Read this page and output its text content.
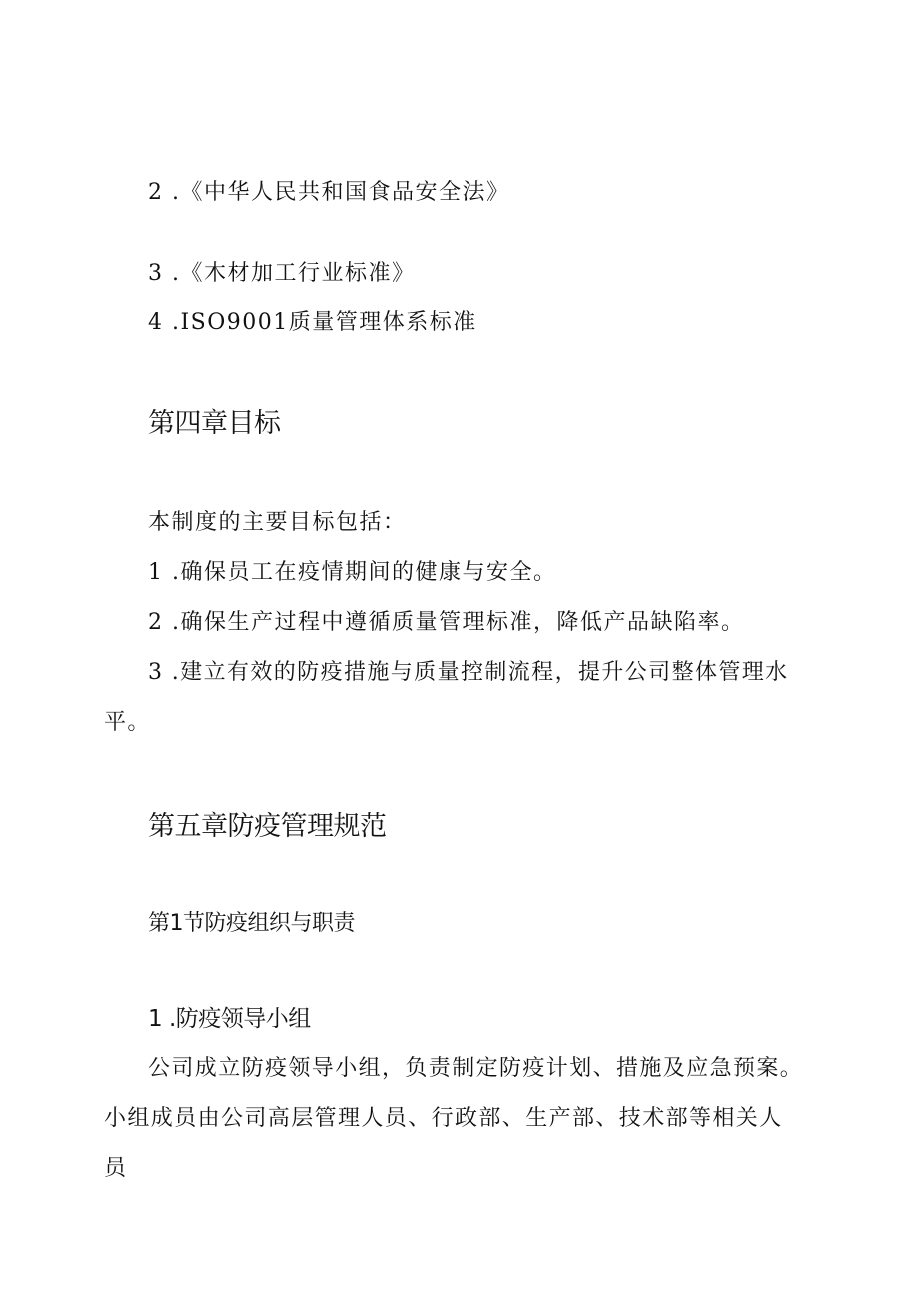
2 .《中华人民共和国食品安全法》

3 .《木材加工行业标准》

4 .ISO9001质量管理体系标准

第四章目标

本制度的主要目标包括：

1 .确保员工在疫情期间的健康与安全。

2 .确保生产过程中遵循质量管理标准，降低产品缺陷率。

3 .建立有效的防疫措施与质量控制流程，提升公司整体管理水平。

第五章防疫管理规范
第1节防疫组织与职责
1 .防疫领导小组

公司成立防疫领导小组，负责制定防疫计划、措施及应急预案。小组成员由公司高层管理人员、行政部、生产部、技术部等相关人员
